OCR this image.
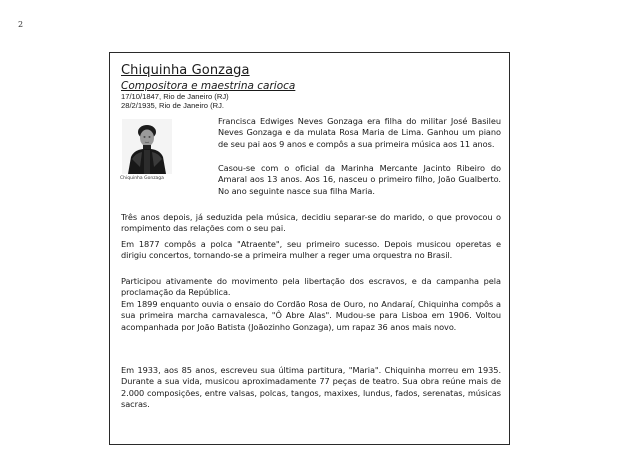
2
Chiquinha Gonzaga
Compositora e maestrina carioca
17/10/1847, Rio de Janeiro (RJ)
28/2/1935, Rio de Janeiro (RJ.
Chiquinha Gonzaga

Francisca Edwiges Neves Gonzaga era filha do militar José Basileu Neves Gonzaga e da mulata Rosa Maria de Lima. Ganhou um piano de seu pai aos 9 anos e compôs a sua primeira música aos 11 anos.

Casou-se com o oficial da Marinha Mercante Jacinto Ribeiro do Amaral aos 13 anos. Aos 16, nasceu o primeiro filho, João Gualberto. No ano seguinte nasce sua filha Maria.

Três anos depois, já seduzida pela música, decidiu separar-se do marido, o que provocou o rompimento das relações com o seu pai.

Em 1877 compôs a polca "Atraente", seu primeiro sucesso. Depois musicou operetas e dirigiu concertos, tornando-se a primeira mulher a reger uma orquestra no Brasil.

Participou ativamente do movimento pela libertação dos escravos, e da campanha pela proclamação da República.

Em 1899 enquanto ouvia o ensaio do Cordão Rosa de Ouro, no Andaraí, Chiquinha compôs a sua primeira marcha carnavalesca, "Ô Abre Alas". Mudou-se para Lisboa em 1906. Voltou acompanhada por João Batista (Joãozinho Gonzaga), um rapaz 36 anos mais novo.

Em 1933, aos 85 anos, escreveu sua última partitura, "Maria". Chiquinha morreu em 1935. Durante a sua vida, musicou aproximadamente 77 peças de teatro. Sua obra reúne mais de 2.000 composições, entre valsas, polcas, tangos, maxixes, lundus, fados, serenatas, músicas sacras.
